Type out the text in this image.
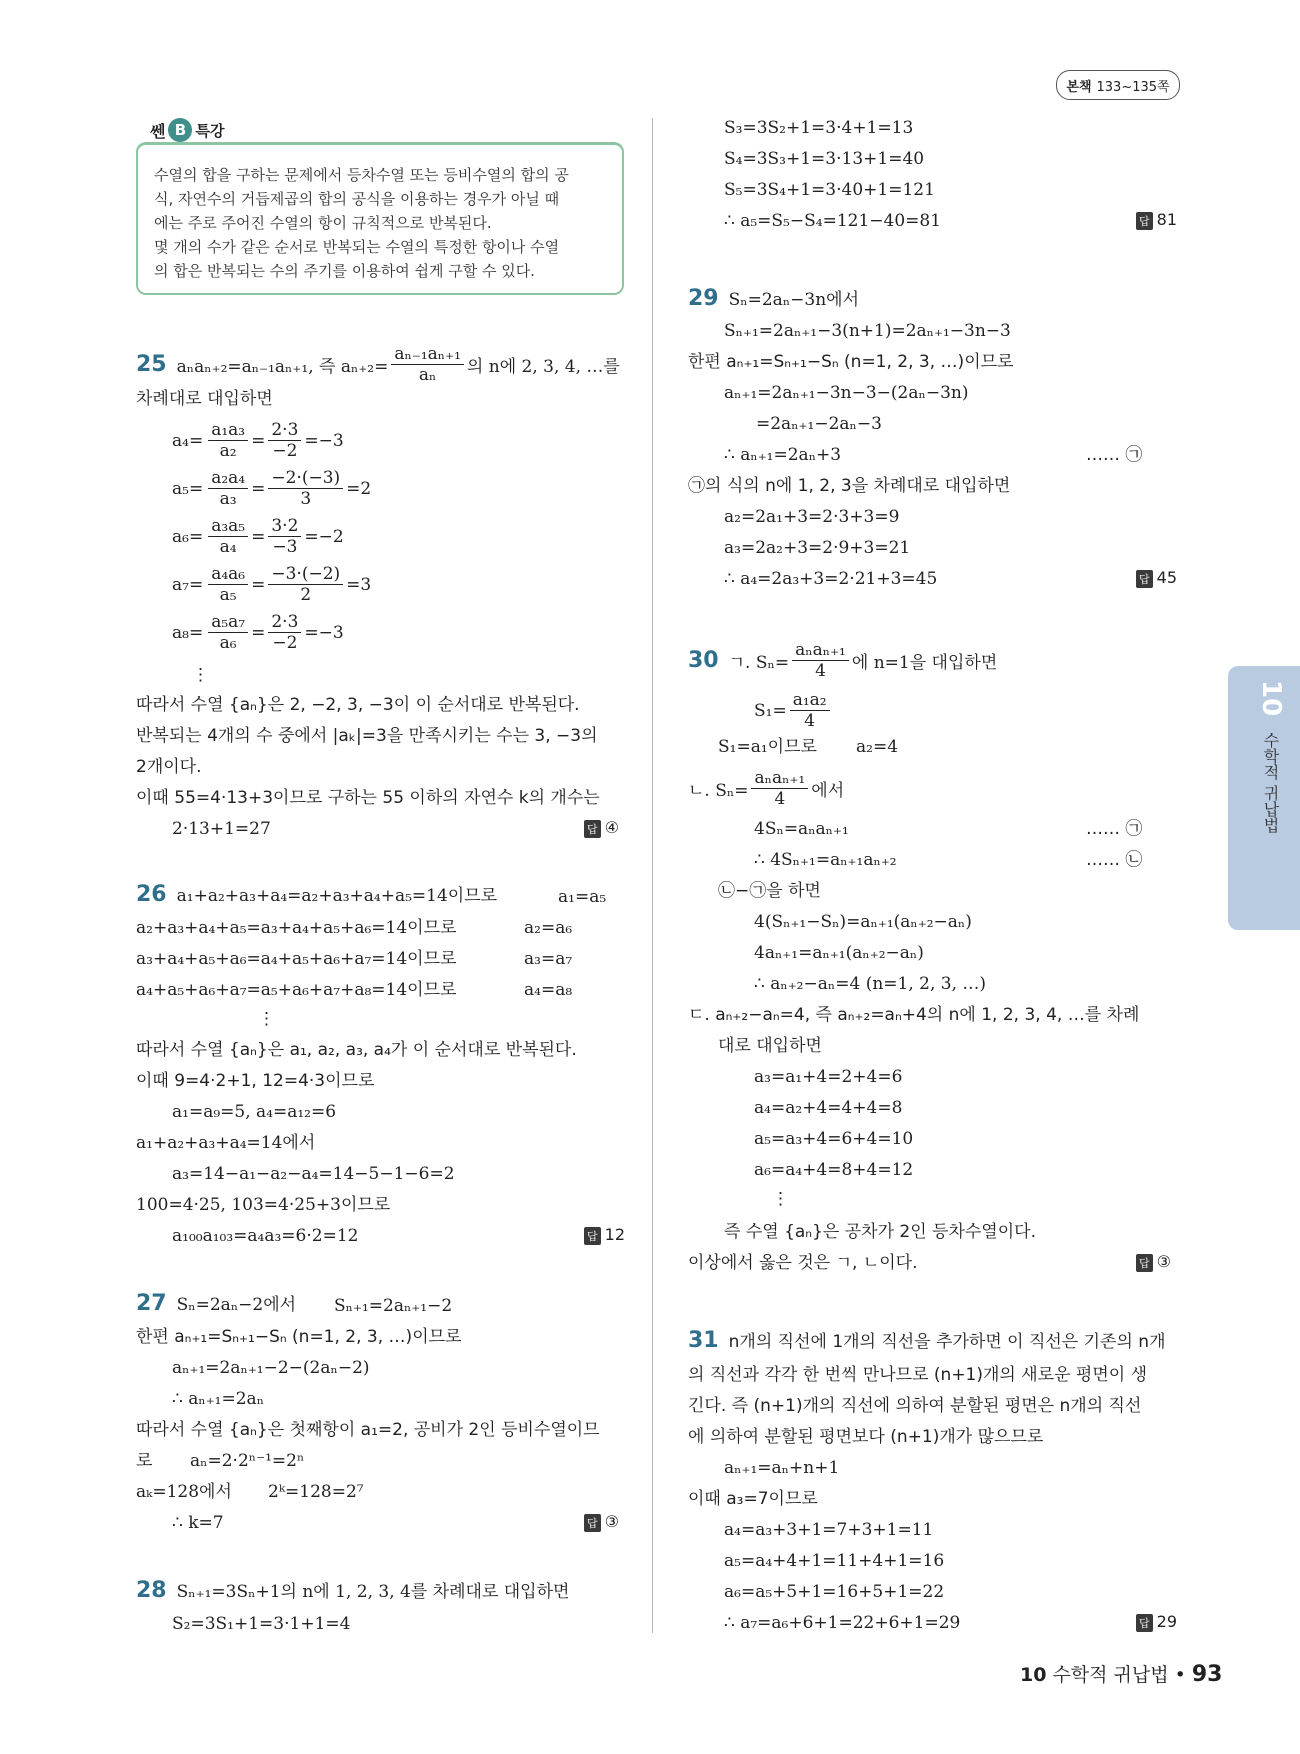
본책 133~135쪽
쎈 B 특강
수열의 합을 구하는 문제에서 등차수열 또는 등비수열의 합의 공
식, 자연수의 거듭제곱의 합의 공식을 이용하는 경우가 아닐 때
에는 주로 주어진 수열의 항이 규칙적으로 반복된다.
몇 개의 수가 같은 순서로 반복되는 수열의 특정한 항이나 수열
의 합은 반복되는 수의 주기를 이용하여 쉽게 구할 수 있다.
25 aₙaₙ₊₂=aₙ₋₁aₙ₊₁, 즉 $a_{n+2}= \frac{\text{aₙ₋₁aₙ₊₁}}{\text{aₙ}}$ 의 n에 2, 3, 4, …를
차례대로 대입하면
$a_4= \frac{\text{a₁a₃}}{\text{a₂}} = \frac{2\cdot 3}{-2} =-3$
$a_5= \frac{\text{a₂a₄}}{\text{a₃}} = \frac{-2\cdot(-3)}{3} =2$
$a_6= \frac{\text{a₃a₅}}{\text{a₄}} = \frac{3\cdot 2}{-3} =-2$
$a_7= \frac{\text{a₄a₆}}{\text{a₅}} = \frac{-3\cdot(-2)}{2} =3$
$a_8= \frac{\text{a₅a₇}}{\text{a₆}} = \frac{2\cdot 3}{-2} =-3$
⋮
따라서 수열 {aₙ}은 2, −2, 3, −3이 이 순서대로 반복된다.
반복되는 4개의 수 중에서 |aₖ|=3을 만족시키는 수는 3, −3의
2개이다.
이때 55=4·13+3이므로 구하는 55 이하의 자연수 k의 개수는
2·13+1=27	답 ④
26 a₁+a₂+a₃+a₄=a₂+a₃+a₄+a₅=14이므로	a₁=a₅
a₂+a₃+a₄+a₅=a₃+a₄+a₅+a₆=14이므로	a₂=a₆
a₃+a₄+a₅+a₆=a₄+a₅+a₆+a₇=14이므로	a₃=a₇
a₄+a₅+a₆+a₇=a₅+a₆+a₇+a₈=14이므로	a₄=a₈
⋮
따라서 수열 {aₙ}은 a₁, a₂, a₃, a₄가 이 순서대로 반복된다.
이때 9=4·2+1, 12=4·3이므로
a₁=a₉=5, a₄=a₁₂=6
a₁+a₂+a₃+a₄=14에서
a₃=14−a₁−a₂−a₄=14−5−1−6=2
100=4·25, 103=4·25+3이므로
a₁₀₀a₁₀₃=a₄a₃=6·2=12	답 12
27 Sₙ=2aₙ−2에서 Sₙ₊₁=2aₙ₊₁−2
한편 aₙ₊₁=Sₙ₊₁−Sₙ (n=1, 2, 3, …)이므로
aₙ₊₁=2aₙ₊₁−2−(2aₙ−2)
∴ aₙ₊₁=2aₙ
따라서 수열 {aₙ}은 첫째항이 a₁=2, 공비가 2인 등비수열이므
로 aₙ=2·2ⁿ⁻¹=2ⁿ
aₖ=128에서 2ᵏ=128=2⁷
∴ k=7	답 ③
28 Sₙ₊₁=3Sₙ+1의 n에 1, 2, 3, 4를 차례대로 대입하면
S₂=3S₁+1=3·1+1=4
S₃=3S₂+1=3·4+1=13
S₄=3S₃+1=3·13+1=40
S₅=3S₄+1=3·40+1=121
∴ a₅=S₅−S₄=121−40=81	답 81
29 Sₙ=2aₙ−3n에서
Sₙ₊₁=2aₙ₊₁−3(n+1)=2aₙ₊₁−3n−3
한편 aₙ₊₁=Sₙ₊₁−Sₙ (n=1, 2, 3, …)이므로
aₙ₊₁=2aₙ₊₁−3n−3−(2aₙ−3n)
=2aₙ₊₁−2aₙ−3
∴ aₙ₊₁=2aₙ+3	…… ㉠
㉠의 식의 n에 1, 2, 3을 차례대로 대입하면
a₂=2a₁+3=2·3+3=9
a₃=2a₂+3=2·9+3=21
∴ a₄=2a₃+3=2·21+3=45	답 45
30 ㄱ. $S_n= \frac{\text{aₙaₙ₊₁}}{4}$ 에 n=1을 대입하면
$S_1= \frac{\text{a₁a₂}}{4}$
S₁=a₁이므로 a₂=4
ㄴ. $S_n= \frac{\text{aₙaₙ₊₁}}{4}$ 에서
4Sₙ=aₙaₙ₊₁	…… ㉠
∴ 4Sₙ₊₁=aₙ₊₁aₙ₊₂	…… ㉡
㉡−㉠을 하면
4(Sₙ₊₁−Sₙ)=aₙ₊₁(aₙ₊₂−aₙ)
4aₙ₊₁=aₙ₊₁(aₙ₊₂−aₙ)
∴ aₙ₊₂−aₙ=4 (n=1, 2, 3, …)
ㄷ. aₙ₊₂−aₙ=4, 즉 aₙ₊₂=aₙ+4의 n에 1, 2, 3, 4, …를 차례
대로 대입하면
a₃=a₁+4=2+4=6
a₄=a₂+4=4+4=8
a₅=a₃+4=6+4=10
a₆=a₄+4=8+4=12
⋮
즉 수열 {aₙ}은 공차가 2인 등차수열이다.
이상에서 옳은 것은 ㄱ, ㄴ이다.	답 ③
31 n개의 직선에 1개의 직선을 추가하면 이 직선은 기존의 n개
의 직선과 각각 한 번씩 만나므로 (n+1)개의 새로운 평면이 생
긴다. 즉 (n+1)개의 직선에 의하여 분할된 평면은 n개의 직선
에 의하여 분할된 평면보다 (n+1)개가 많으므로
aₙ₊₁=aₙ+n+1
이때 a₃=7이므로
a₄=a₃+3+1=7+3+1=11
a₅=a₄+4+1=11+4+1=16
a₆=a₅+5+1=16+5+1=22
∴ a₇=a₆+6+1=22+6+1=29	답 29
10
수학적 귀납법
10 수학적 귀납법 • 93
